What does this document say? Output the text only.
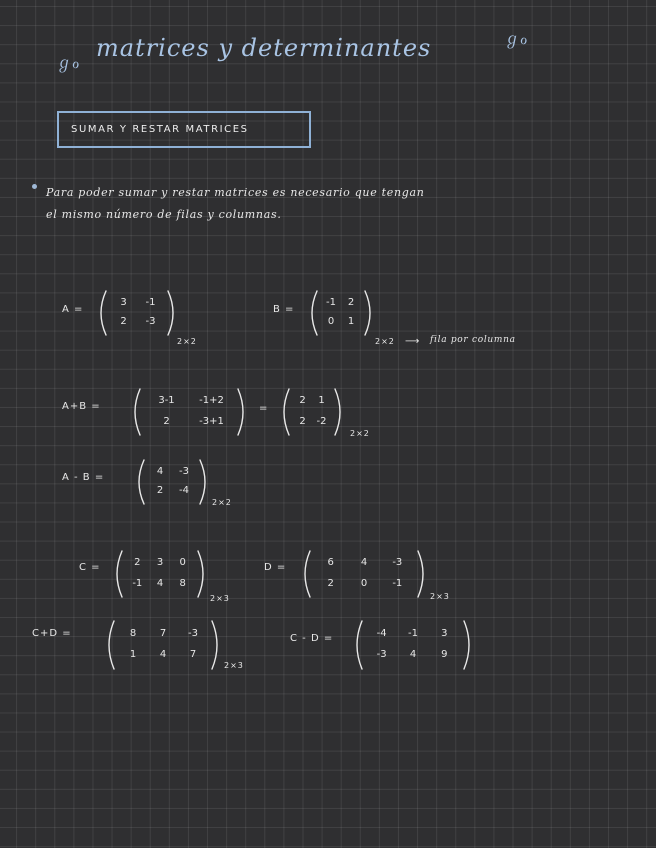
ℊℴ
matrices y determinantes	ℊℴ
SUMAR Y RESTAR MATRICES
Para poder sumar y restar matrices es necesario que tengan
el mismo número de filas y columnas.
A =
3	-1
2	-3
2×2
B =
-1	2
0	1
2×2 ⟶ fila por columna
A+B =
3-1	-1+2
2	-3+1
=
2	1
2	-2
2×2
A - B =
4	-3
2	-4
2×2
C =	2	3	0
-1	4	8
2×3
D =	6	4	-3
2	0	-1
2×3
C+D =	8	7	-3
1	4	7
2×3
C - D =	-4	-1	3
-3	4	9
